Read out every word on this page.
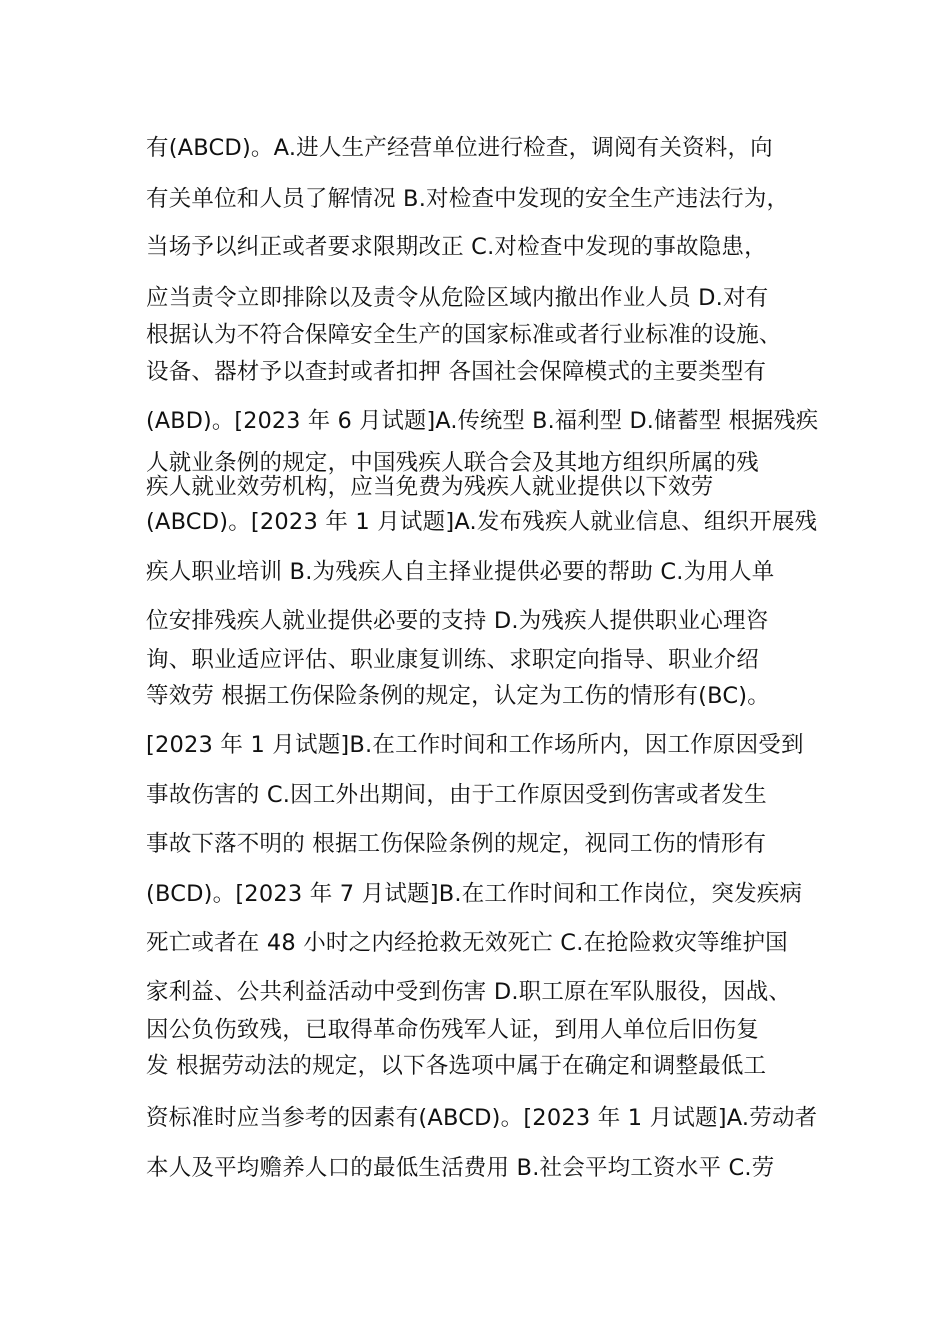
有(ABCD)。A.进人生产经营单位进行检查，调阅有关资料，向
有关单位和人员了解情况 B.对检查中发现的安全生产违法行为，
当场予以纠正或者要求限期改正 C.对检查中发现的事故隐患，
应当责令立即排除以及责令从危险区域内撤出作业人员 D.对有
根据认为不符合保障安全生产的国家标准或者行业标准的设施、
设备、器材予以查封或者扣押 各国社会保障模式的主要类型有
(ABD)。[2023 年 6 月试题]A.传统型 B.福利型 D.储蓄型 根据残疾
人就业条例的规定，中国残疾人联合会及其地方组织所属的残
疾人就业效劳机构，应当免费为残疾人就业提供以下效劳
(ABCD)。[2023 年 1 月试题]A.发布残疾人就业信息、组织开展残
疾人职业培训 B.为残疾人自主择业提供必要的帮助 C.为用人单
位安排残疾人就业提供必要的支持 D.为残疾人提供职业心理咨
询、职业适应评估、职业康复训练、求职定向指导、职业介绍
等效劳 根据工伤保险条例的规定，认定为工伤的情形有(BC)。
[2023 年 1 月试题]B.在工作时间和工作场所内，因工作原因受到
事故伤害的 C.因工外出期间，由于工作原因受到伤害或者发生
事故下落不明的 根据工伤保险条例的规定，视同工伤的情形有
(BCD)。[2023 年 7 月试题]B.在工作时间和工作岗位，突发疾病
死亡或者在 48 小时之内经抢救无效死亡 C.在抢险救灾等维护国
家利益、公共利益活动中受到伤害 D.职工原在军队服役，因战、
因公负伤致残，已取得革命伤残军人证，到用人单位后旧伤复
发 根据劳动法的规定，以下各选项中属于在确定和调整最低工
资标准时应当参考的因素有(ABCD)。[2023 年 1 月试题]A.劳动者
本人及平均赡养人口的最低生活费用 B.社会平均工资水平 C.劳
